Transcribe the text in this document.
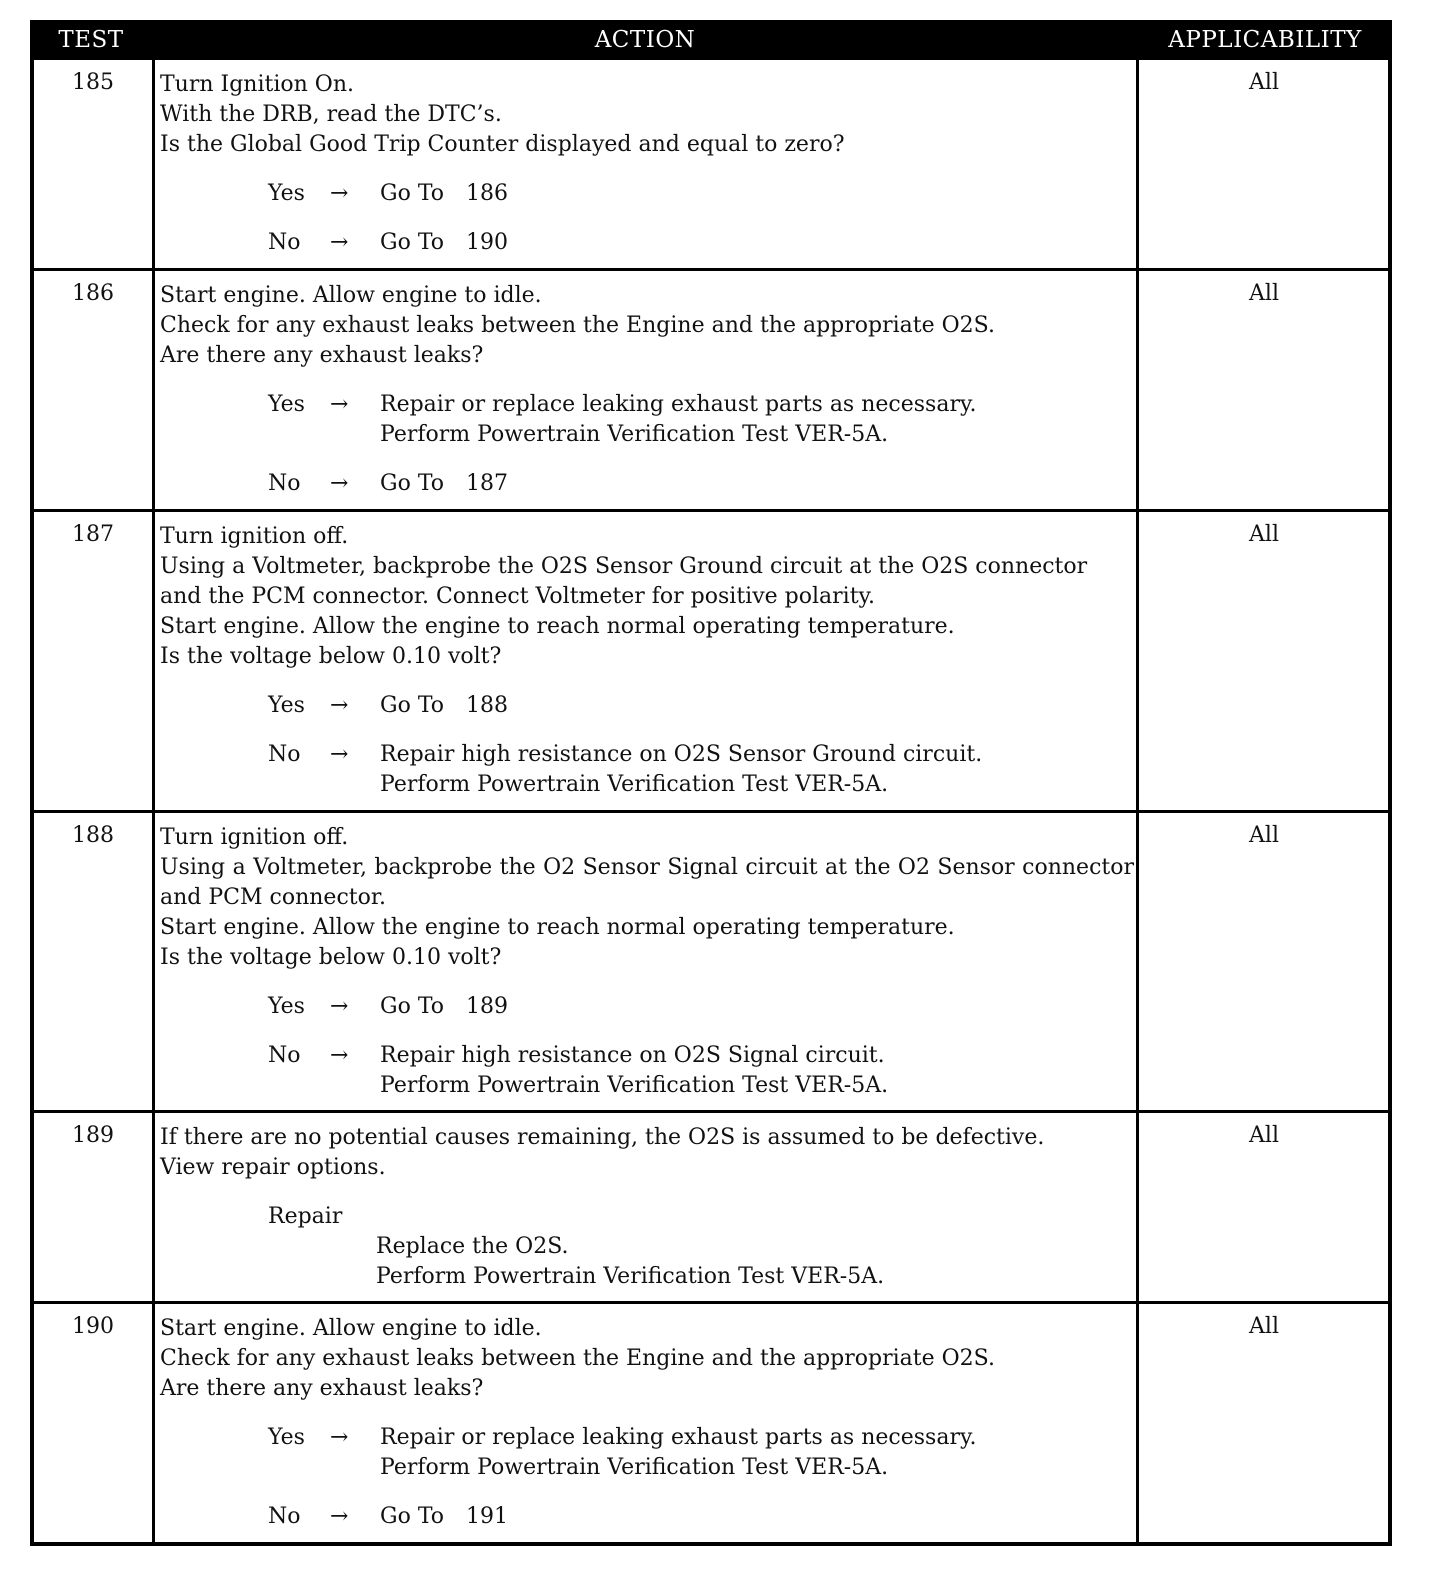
TEST	ACTION	APPLICABILITY
185	Turn Ignition On.
With the DRB, read the DTC’s.
Is the Global Good Trip Counter displayed and equal to zero?
Yes → Go To 186
No → Go To 190
All
186	Start engine. Allow engine to idle.
Check for any exhaust leaks between the Engine and the appropriate O2S.
Are there any exhaust leaks?
Yes → Repair or replace leaking exhaust parts as necessary.
Perform Powertrain Verification Test VER-5A.
No → Go To 187
All
187	Turn ignition off.
Using a Voltmeter, backprobe the O2S Sensor Ground circuit at the O2S connector
and the PCM connector. Connect Voltmeter for positive polarity.
Start engine. Allow the engine to reach normal operating temperature.
Is the voltage below 0.10 volt?
Yes → Go To 188
No → Repair high resistance on O2S Sensor Ground circuit.
Perform Powertrain Verification Test VER-5A.
All
188	Turn ignition off.
Using a Voltmeter, backprobe the O2 Sensor Signal circuit at the O2 Sensor connector and PCM connector.
Start engine. Allow the engine to reach normal operating temperature.
Is the voltage below 0.10 volt?
Yes → Go To 189
No → Repair high resistance on O2S Signal circuit.
Perform Powertrain Verification Test VER-5A.
All
189	If there are no potential causes remaining, the O2S is assumed to be defective.
View repair options.
Repair
Replace the O2S.
Perform Powertrain Verification Test VER-5A.
All
190	Start engine. Allow engine to idle.
Check for any exhaust leaks between the Engine and the appropriate O2S.
Are there any exhaust leaks?
Yes → Repair or replace leaking exhaust parts as necessary.
Perform Powertrain Verification Test VER-5A.
No → Go To 191
All
